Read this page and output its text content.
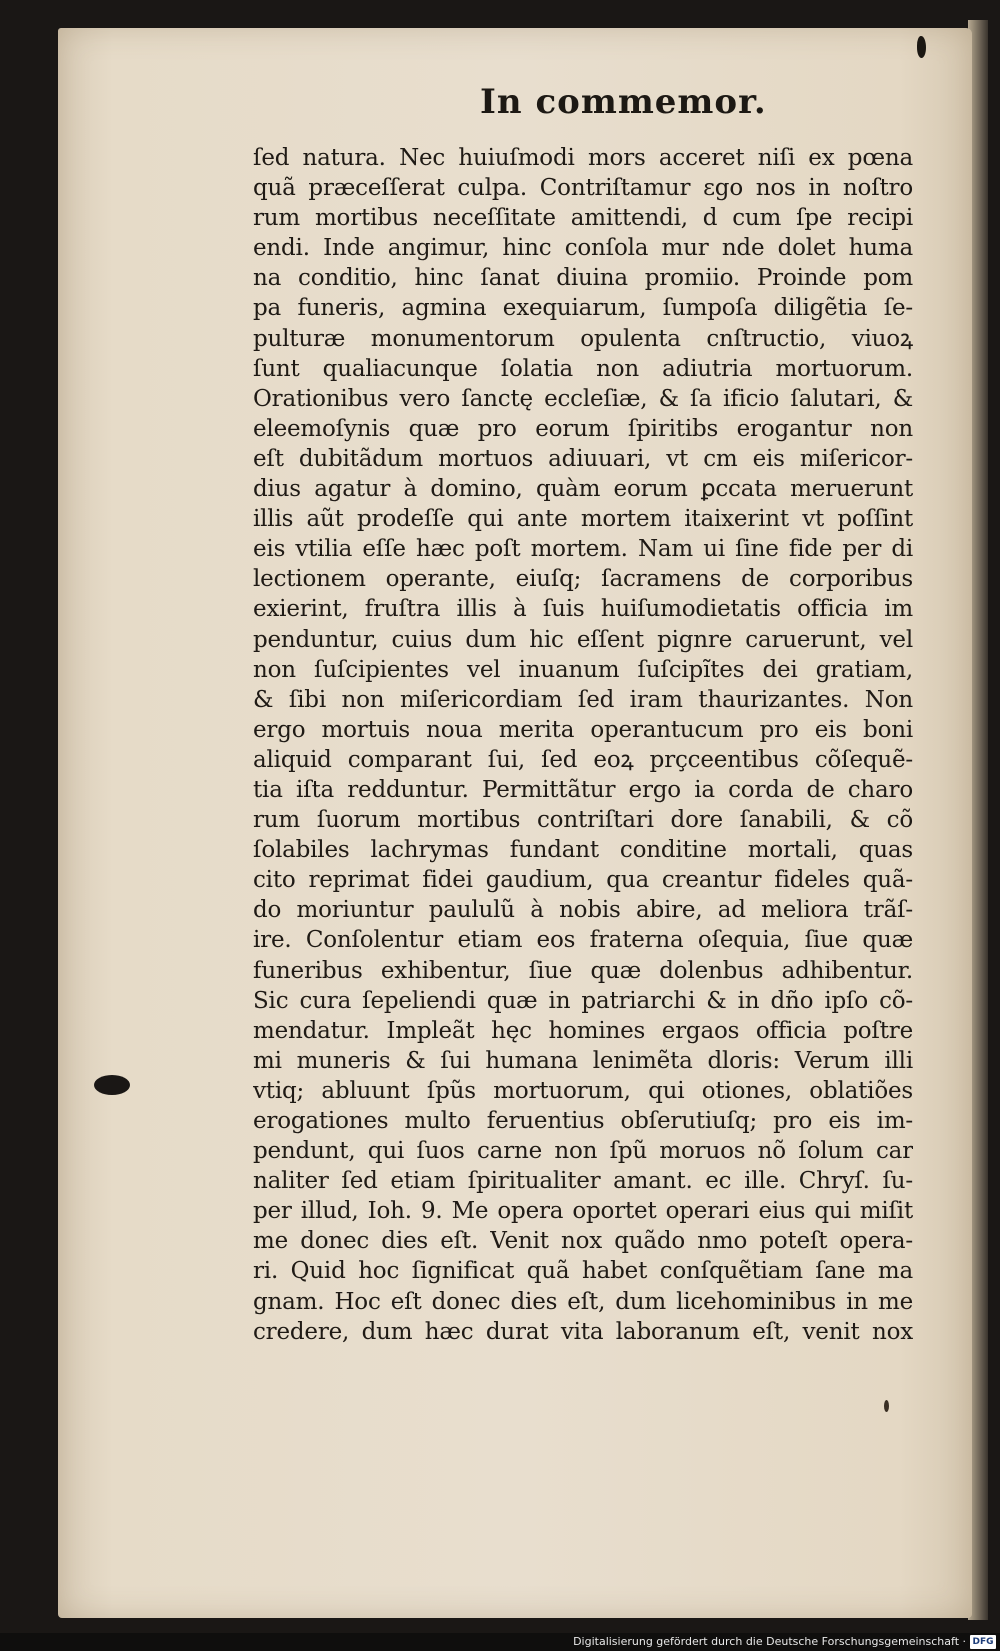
In commemor.
ſed natura. Nec huiuſmodi mors acceret niſi ex pœna
quã præceſſerat culpa. Contriſtamur ɛgo nos in noſtro
rum mortibus neceſſitate amittendi, d cum ſpe recipi
endi. Inde angimur, hinc conſola mur nde dolet huma
na conditio, hinc ſanat diuina promiio. Proinde pom
pa funeris, agmina exequiarum, ſumpoſa diligẽtia ſe-
pulturæ monumentorum opulenta cnſtructio, viuoꝝ
ſunt qualiacunque ſolatia non adiutria mortuorum.
Orationibus vero ſanctę eccleſiæ, & ſa ificio ſalutari, &
eleemoſynis quæ pro eorum ſpiritibs erogantur non
eſt dubitãdum mortuos adiuuari, vt cm eis miſericor-
dius agatur à domino, quàm eorum ꝑccata meruerunt
illis aũt prodeſſe qui ante mortem itaixerint vt poſſint
eis vtilia eſſe hæc poſt mortem. Nam ui ſine fide per di
lectionem operante, eiuſq; ſacramens de corporibus
exierint, fruſtra illis à ſuis huiſumodietatis officia im
penduntur, cuius dum hic eſſent pignre caruerunt, vel
non ſuſcipientes vel inuanum ſuſcipĩtes dei gratiam,
& ſibi non miſericordiam ſed iram thaurizantes. Non
ergo mortuis noua merita operantucum pro eis boni
aliquid comparant ſui, ſed eoꝝ prçceentibus cõſequẽ-
tia iſta redduntur. Permittãtur ergo ia corda de charo
rum ſuorum mortibus contriſtari dore ſanabili, & cõ
ſolabiles lachrymas fundant conditine mortali, quas
cito reprimat fidei gaudium, qua creantur fideles quã-
do moriuntur paululũ à nobis abire, ad meliora trãſ-
ire. Conſolentur etiam eos fraterna oſequia, ſiue quæ
funeribus exhibentur, ſiue quæ dolenbus adhibentur.
Sic cura ſepeliendi quæ in patriarchi & in dño ipſo cõ-
mendatur. Impleãt hęc homines ergaos officia poſtre
mi muneris & ſui humana lenimẽta dloris: Verum illi
vtiq; abluunt ſpũs mortuorum, qui otiones, oblatiões
erogationes multo feruentius obſerutiuſq; pro eis im-
pendunt, qui ſuos carne non ſpũ moruos nõ ſolum car
naliter ſed etiam ſpiritualiter amant. ec ille. Chryſ. ſu-
per illud, Ioh. 9. Me opera oportet operari eius qui miſit
me donec dies eſt. Venit nox quãdo nmo poteſt opera-
ri. Quid hoc ſignificat quã habet conſquẽtiam ſane ma
gnam. Hoc eſt donec dies eſt, dum licehominibus in me
credere, dum hæc durat vita laboranum eſt, venit nox
Digitalisierung gefördert durch die Deutsche Forschungsgemeinschaft · DFG
